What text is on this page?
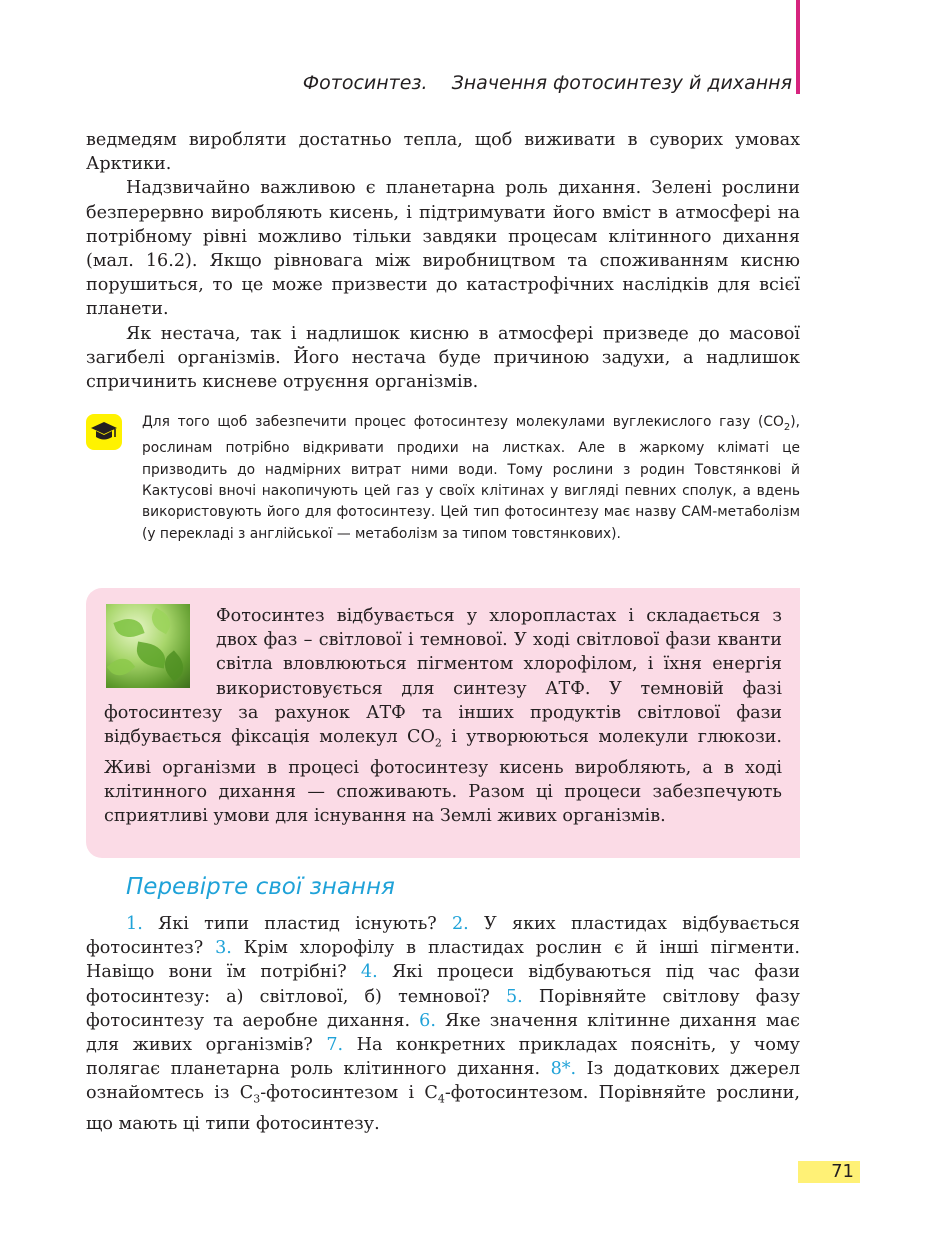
Фотосинтез. Значення фотосинтезу й дихання

ведмедям виробляти достатньо тепла, щоб виживати в суворих умовах Арктики.

Надзвичайно важливою є планетарна роль дихання. Зелені рослини безперервно виробляють кисень, і підтримувати його вміст в атмосфері на потрібному рівні можливо тільки завдяки процесам клітинного дихання (мал. 16.2). Якщо рівновага між виробництвом та споживанням кисню порушиться, то це може призвести до катастрофічних наслідків для всієї планети.

Як нестача, так і надлишок кисню в атмосфері призведе до масової загибелі організмів. Його нестача буде причиною задухи, а надлишок спричинить кисневе отруєння організмів.

Для того щоб забезпечити процес фотосинтезу молекулами вуглекислого газу $(CO_2)$, рослинам потрібно відкривати продихи на листках. Але в жаркому кліматі це призводить до надмірних витрат ними води. Тому рослини з родин Товстянкові й Кактусові вночі накопичують цей газ у своїх клітинах у вигляді певних сполук, а вдень використовують його для фотосинтезу. Цей тип фотосинтезу має назву CAM-метаболізм (у перекладі з англійської — метаболізм за типом товстянкових).

Фотосинтез відбувається у хлоропластах і складається з двох фаз – світлової і темнової. У ході світлової фази кванти світла вловлюються пігментом хлорофілом, і їхня енергія використовується для синтезу АТФ. У темновій фазі фотосинтезу за рахунок АТФ та інших продуктів світлової фази відбувається фіксація молекул $CO_2$ і утворюються молекули глюкози. Живі організми в процесі фотосинтезу кисень виробляють, а в ході клітинного дихання — споживають. Разом ці процеси забезпечують сприятливі умови для існування на Землі живих організмів.

Перевірте свої знання

1. Які типи пластид існують? 2. У яких пластидах відбувається фотосинтез? 3. Крім хлорофілу в пластидах рослин є й інші пігменти. Навіщо вони їм потрібні? 4. Які процеси відбуваються під час фази фотосинтезу: а) світлової, б) темнової? 5. Порівняйте світлову фазу фотосинтезу та аеробне дихання. 6. Яке значення клітинне дихання має для живих організмів? 7. На конкретних прикладах поясніть, у чому полягає планетарна роль клітинного дихання. 8*. Із додаткових джерел ознайомтесь із $C_3$-фотосинтезом і $C_4$-фотосинтезом. Порівняйте рослини, що мають ці типи фотосинтезу.

71
